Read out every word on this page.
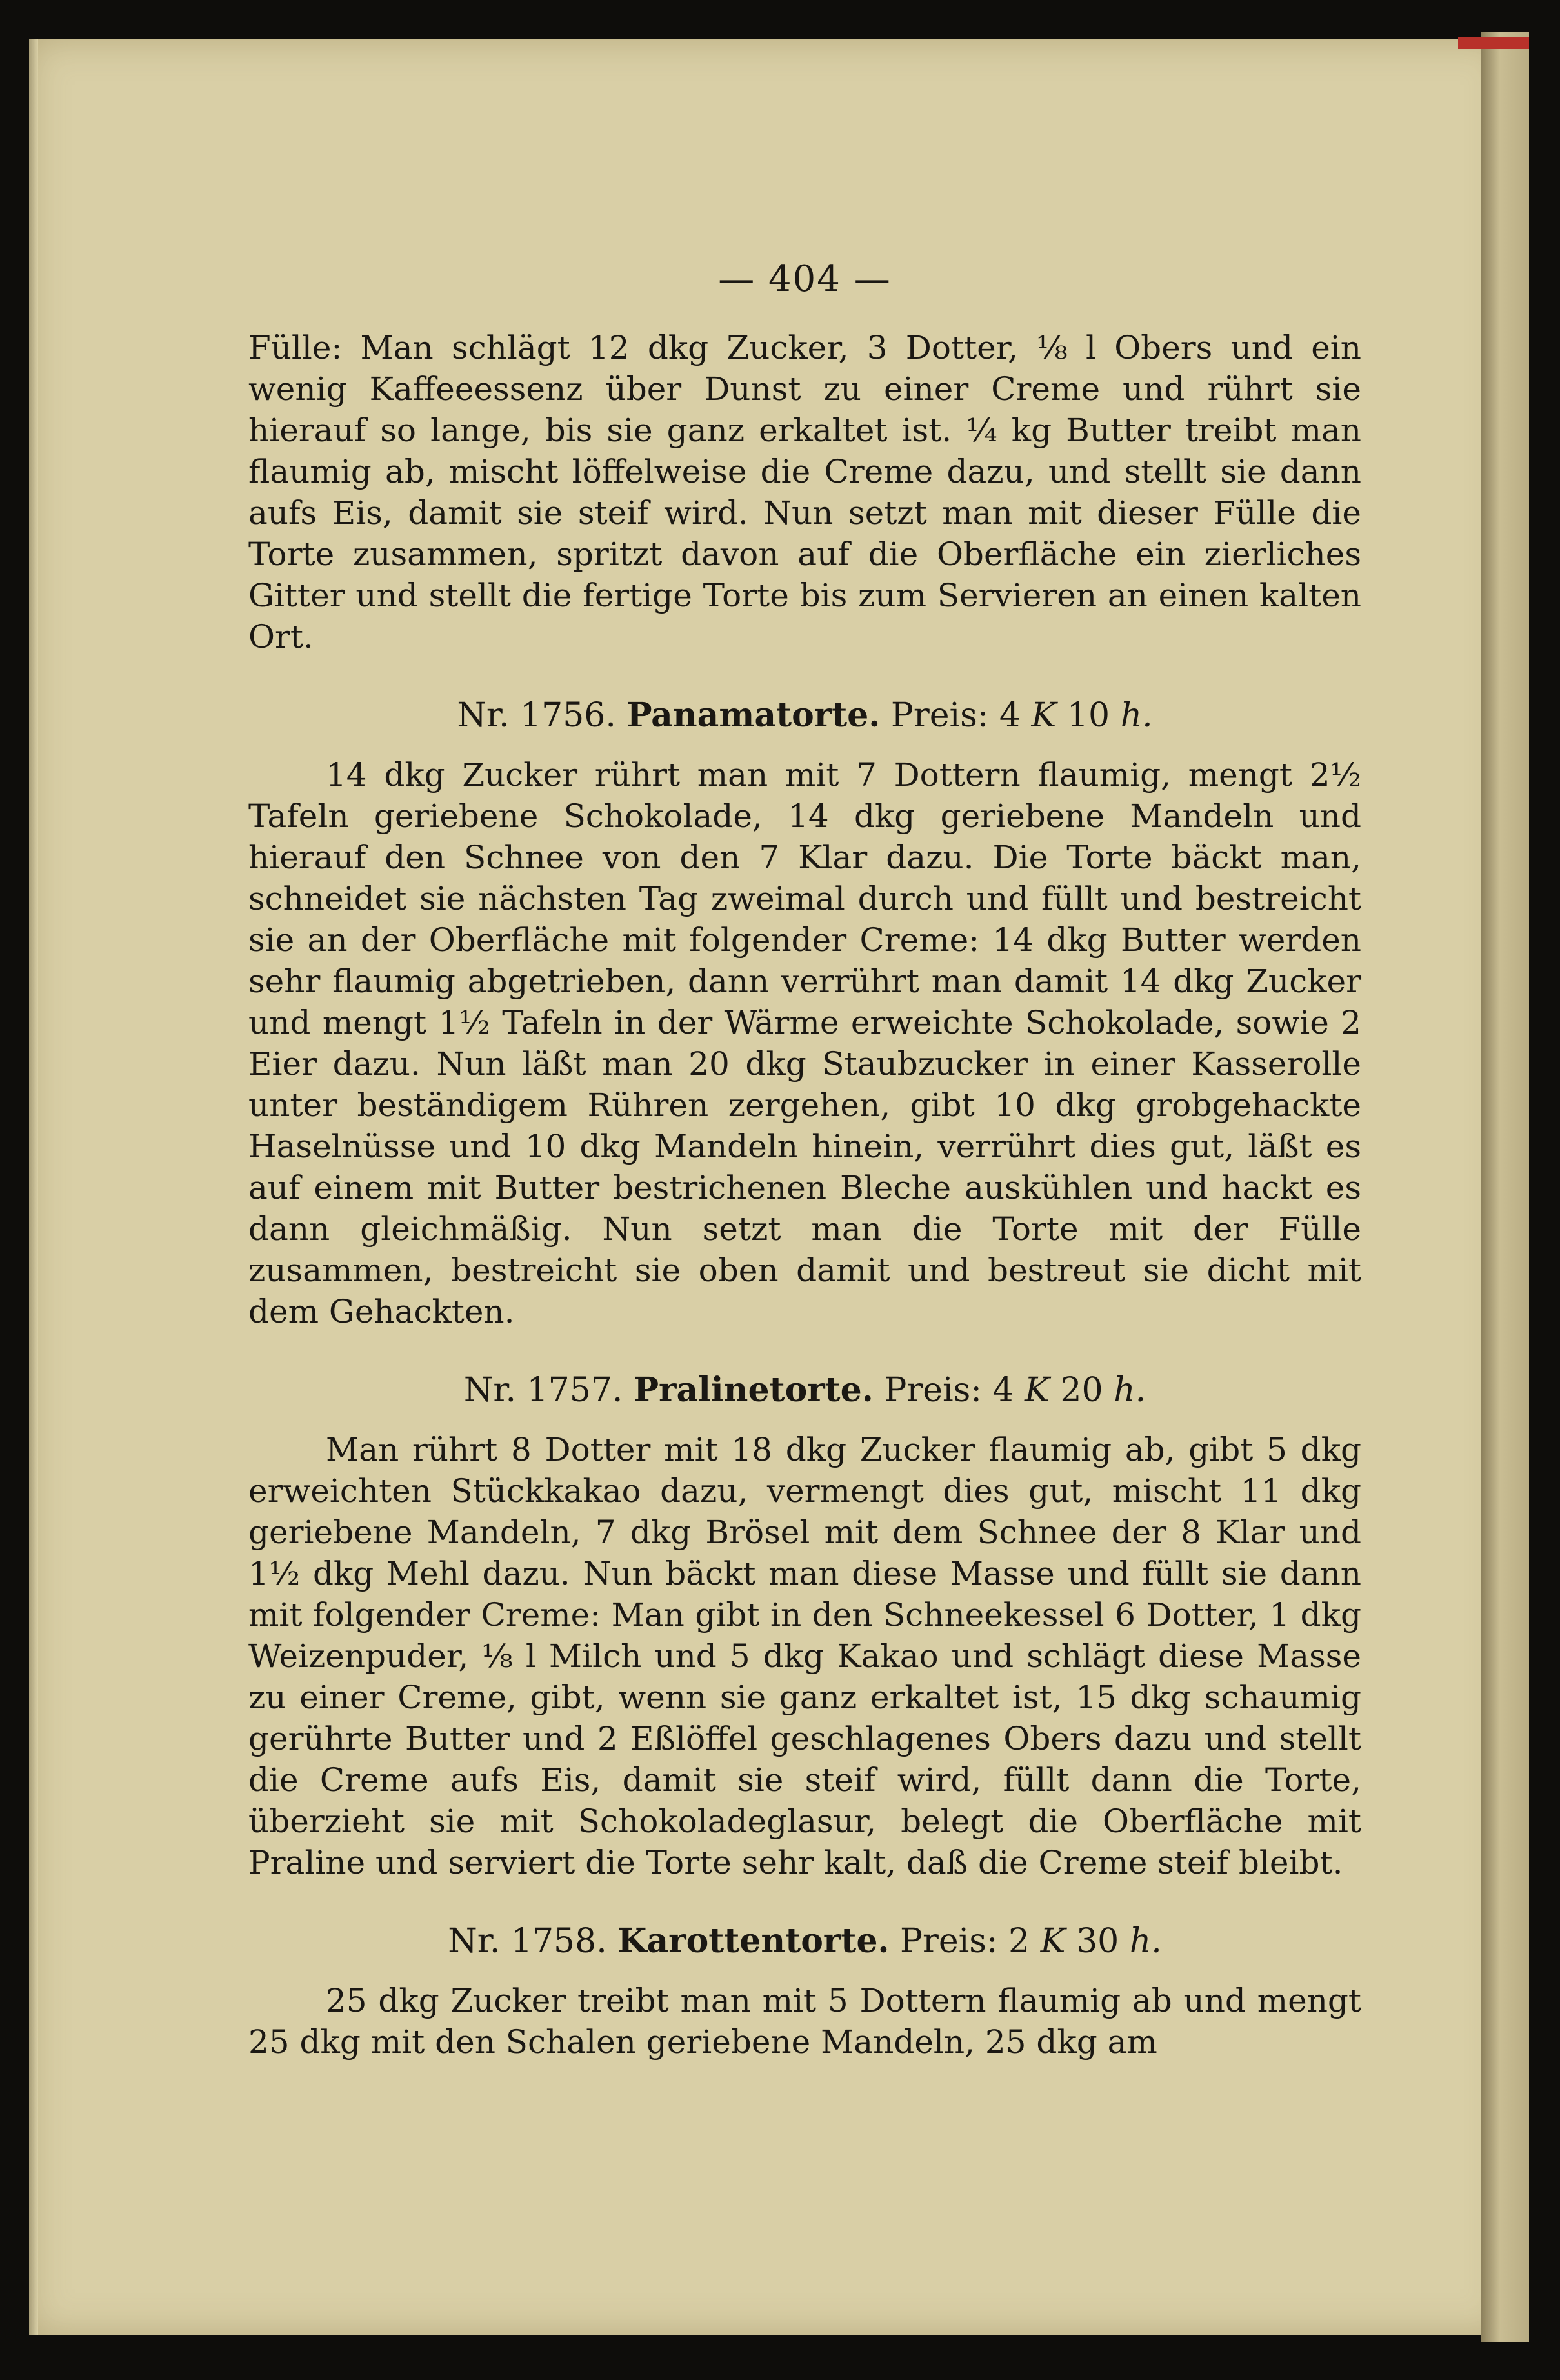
— 404 —

Fülle: Man schlägt 12 dkg Zucker, 3 Dotter, ⅛ l Obers und ein wenig Kaffeeessenz über Dunst zu einer Creme und rührt sie hierauf so lange, bis sie ganz erkaltet ist. ¼ kg Butter treibt man flaumig ab, mischt löffelweise die Creme dazu, und stellt sie dann aufs Eis, damit sie steif wird. Nun setzt man mit dieser Fülle die Torte zusammen, spritzt davon auf die Oberfläche ein zierliches Gitter und stellt die fertige Torte bis zum Servieren an einen kalten Ort.

Nr. 1756. Panamatorte. Preis: 4 K 10 h.

14 dkg Zucker rührt man mit 7 Dottern flaumig, mengt 2½ Tafeln geriebene Schokolade, 14 dkg geriebene Mandeln und hierauf den Schnee von den 7 Klar dazu. Die Torte bäckt man, schneidet sie nächsten Tag zweimal durch und füllt und bestreicht sie an der Oberfläche mit folgender Creme: 14 dkg Butter werden sehr flaumig abgetrieben, dann verrührt man damit 14 dkg Zucker und mengt 1½ Tafeln in der Wärme erweichte Schokolade, sowie 2 Eier dazu. Nun läßt man 20 dkg Staubzucker in einer Kasserolle unter beständigem Rühren zergehen, gibt 10 dkg grobgehackte Haselnüsse und 10 dkg Mandeln hinein, verrührt dies gut, läßt es auf einem mit Butter bestrichenen Bleche auskühlen und hackt es dann gleichmäßig. Nun setzt man die Torte mit der Fülle zusammen, bestreicht sie oben damit und bestreut sie dicht mit dem Gehackten.

Nr. 1757. Pralinetorte. Preis: 4 K 20 h.

Man rührt 8 Dotter mit 18 dkg Zucker flaumig ab, gibt 5 dkg erweichten Stückkakao dazu, vermengt dies gut, mischt 11 dkg geriebene Mandeln, 7 dkg Brösel mit dem Schnee der 8 Klar und 1½ dkg Mehl dazu. Nun bäckt man diese Masse und füllt sie dann mit folgender Creme: Man gibt in den Schneekessel 6 Dotter, 1 dkg Weizenpuder, ⅛ l Milch und 5 dkg Kakao und schlägt diese Masse zu einer Creme, gibt, wenn sie ganz erkaltet ist, 15 dkg schaumig gerührte Butter und 2 Eßlöffel geschlagenes Obers dazu und stellt die Creme aufs Eis, damit sie steif wird, füllt dann die Torte, überzieht sie mit Schokoladeglasur, belegt die Oberfläche mit Praline und serviert die Torte sehr kalt, daß die Creme steif bleibt.

Nr. 1758. Karottentorte. Preis: 2 K 30 h.

25 dkg Zucker treibt man mit 5 Dottern flaumig ab und mengt 25 dkg mit den Schalen geriebene Mandeln, 25 dkg am
